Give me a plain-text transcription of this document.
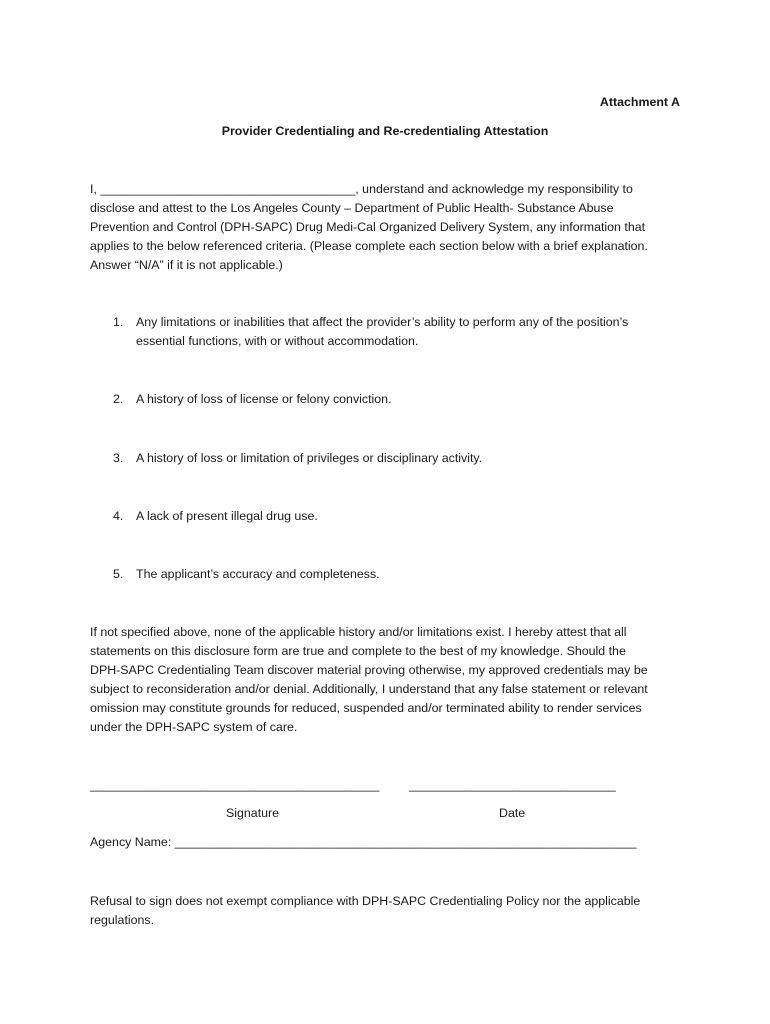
Attachment A
Provider Credentialing and Re-credentialing Attestation
I, _____________________________________, understand and acknowledge my responsibility to
disclose and attest to the Los Angeles County – Department of Public Health- Substance Abuse
Prevention and Control (DPH-SAPC) Drug Medi-Cal Organized Delivery System, any information that
applies to the below referenced criteria. (Please complete each section below with a brief explanation.
Answer “N/A” if it is not applicable.)
1. Any limitations or inabilities that affect the provider’s ability to perform any of the position’s
essential functions, with or without accommodation.
2. A history of loss of license or felony conviction.
3. A history of loss or limitation of privileges or disciplinary activity.
4. A lack of present illegal drug use.
5. The applicant’s accuracy and completeness.
If not specified above, none of the applicable history and/or limitations exist. I hereby attest that all
statements on this disclosure form are true and complete to the best of my knowledge. Should the
DPH-SAPC Credentialing Team discover material proving otherwise, my approved credentials may be
subject to reconsideration and/or denial. Additionally, I understand that any false statement or relevant
omission may constitute grounds for reduced, suspended and/or terminated ability to render services
under the DPH-SAPC system of care.
__________________________________________ ______________________________
Signature	Date
Agency Name: ___________________________________________________________________
Refusal to sign does not exempt compliance with DPH-SAPC Credentialing Policy nor the applicable
regulations.
